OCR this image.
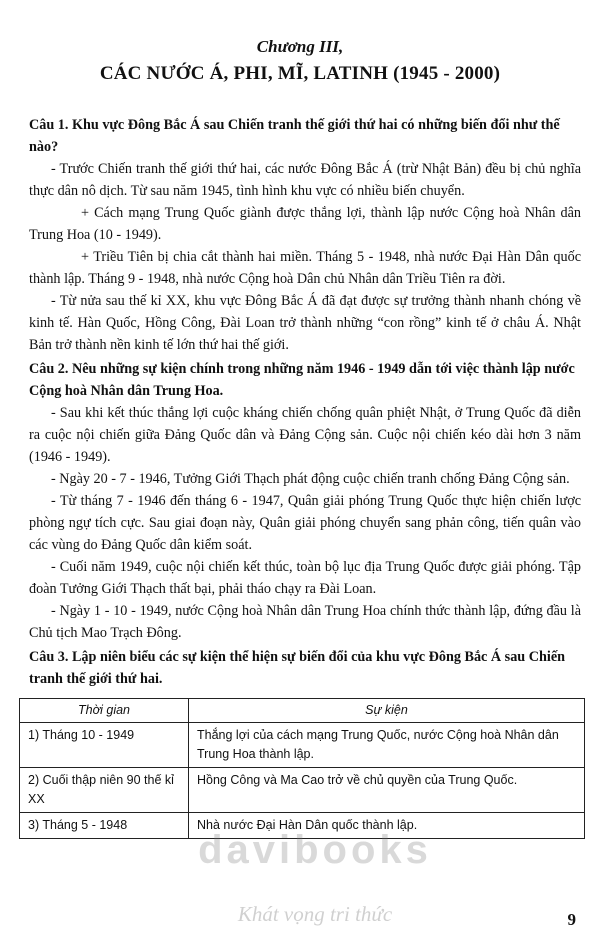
Chương III,
CÁC NƯỚC Á, PHI, MĨ, LATINH (1945 - 2000)

Câu 1. Khu vực Đông Bắc Á sau Chiến tranh thế giới thứ hai có những biến đổi như thế nào?

- Trước Chiến tranh thế giới thứ hai, các nước Đông Bắc Á (trừ Nhật Bản) đều bị chủ nghĩa thực dân nô dịch. Từ sau năm 1945, tình hình khu vực có nhiều biến chuyển.

+ Cách mạng Trung Quốc giành được thắng lợi, thành lập nước Cộng hoà Nhân dân Trung Hoa (10 - 1949).

+ Triều Tiên bị chia cắt thành hai miền. Tháng 5 - 1948, nhà nước Đại Hàn Dân quốc thành lập. Tháng 9 - 1948, nhà nước Cộng hoà Dân chủ Nhân dân Triều Tiên ra đời.

- Từ nửa sau thế kỉ XX, khu vực Đông Bắc Á đã đạt được sự trưởng thành nhanh chóng về kinh tế. Hàn Quốc, Hồng Công, Đài Loan trở thành những “con rồng” kinh tế ở châu Á. Nhật Bản trở thành nền kinh tế lớn thứ hai thế giới.

Câu 2. Nêu những sự kiện chính trong những năm 1946 - 1949 dẫn tới việc thành lập nước Cộng hoà Nhân dân Trung Hoa.

- Sau khi kết thúc thắng lợi cuộc kháng chiến chống quân phiệt Nhật, ở Trung Quốc đã diễn ra cuộc nội chiến giữa Đảng Quốc dân và Đảng Cộng sản. Cuộc nội chiến kéo dài hơn 3 năm (1946 - 1949).

- Ngày 20 - 7 - 1946, Tưởng Giới Thạch phát động cuộc chiến tranh chống Đảng Cộng sản.

- Từ tháng 7 - 1946 đến tháng 6 - 1947, Quân giải phóng Trung Quốc thực hiện chiến lược phòng ngự tích cực. Sau giai đoạn này, Quân giải phóng chuyển sang phản công, tiến quân vào các vùng do Đảng Quốc dân kiểm soát.

- Cuối năm 1949, cuộc nội chiến kết thúc, toàn bộ lục địa Trung Quốc được giải phóng. Tập đoàn Tưởng Giới Thạch thất bại, phải tháo chạy ra Đài Loan.

- Ngày 1 - 10 - 1949, nước Cộng hoà Nhân dân Trung Hoa chính thức thành lập, đứng đầu là Chủ tịch Mao Trạch Đông.

Câu 3. Lập niên biểu các sự kiện thể hiện sự biến đổi của khu vực Đông Bắc Á sau Chiến tranh thế giới thứ hai.

Thời gian	Sự kiện
1) Tháng 10 - 1949	Thắng lợi của cách mạng Trung Quốc, nước Cộng hoà Nhân dân Trung Hoa thành lập.
2) Cuối thập niên 90 thế kỉ XX	Hồng Công và Ma Cao trở về chủ quyền của Trung Quốc.
3) Tháng 5 - 1948	Nhà nước Đại Hàn Dân quốc thành lập.
davibooks
Khát vọng tri thức	9
